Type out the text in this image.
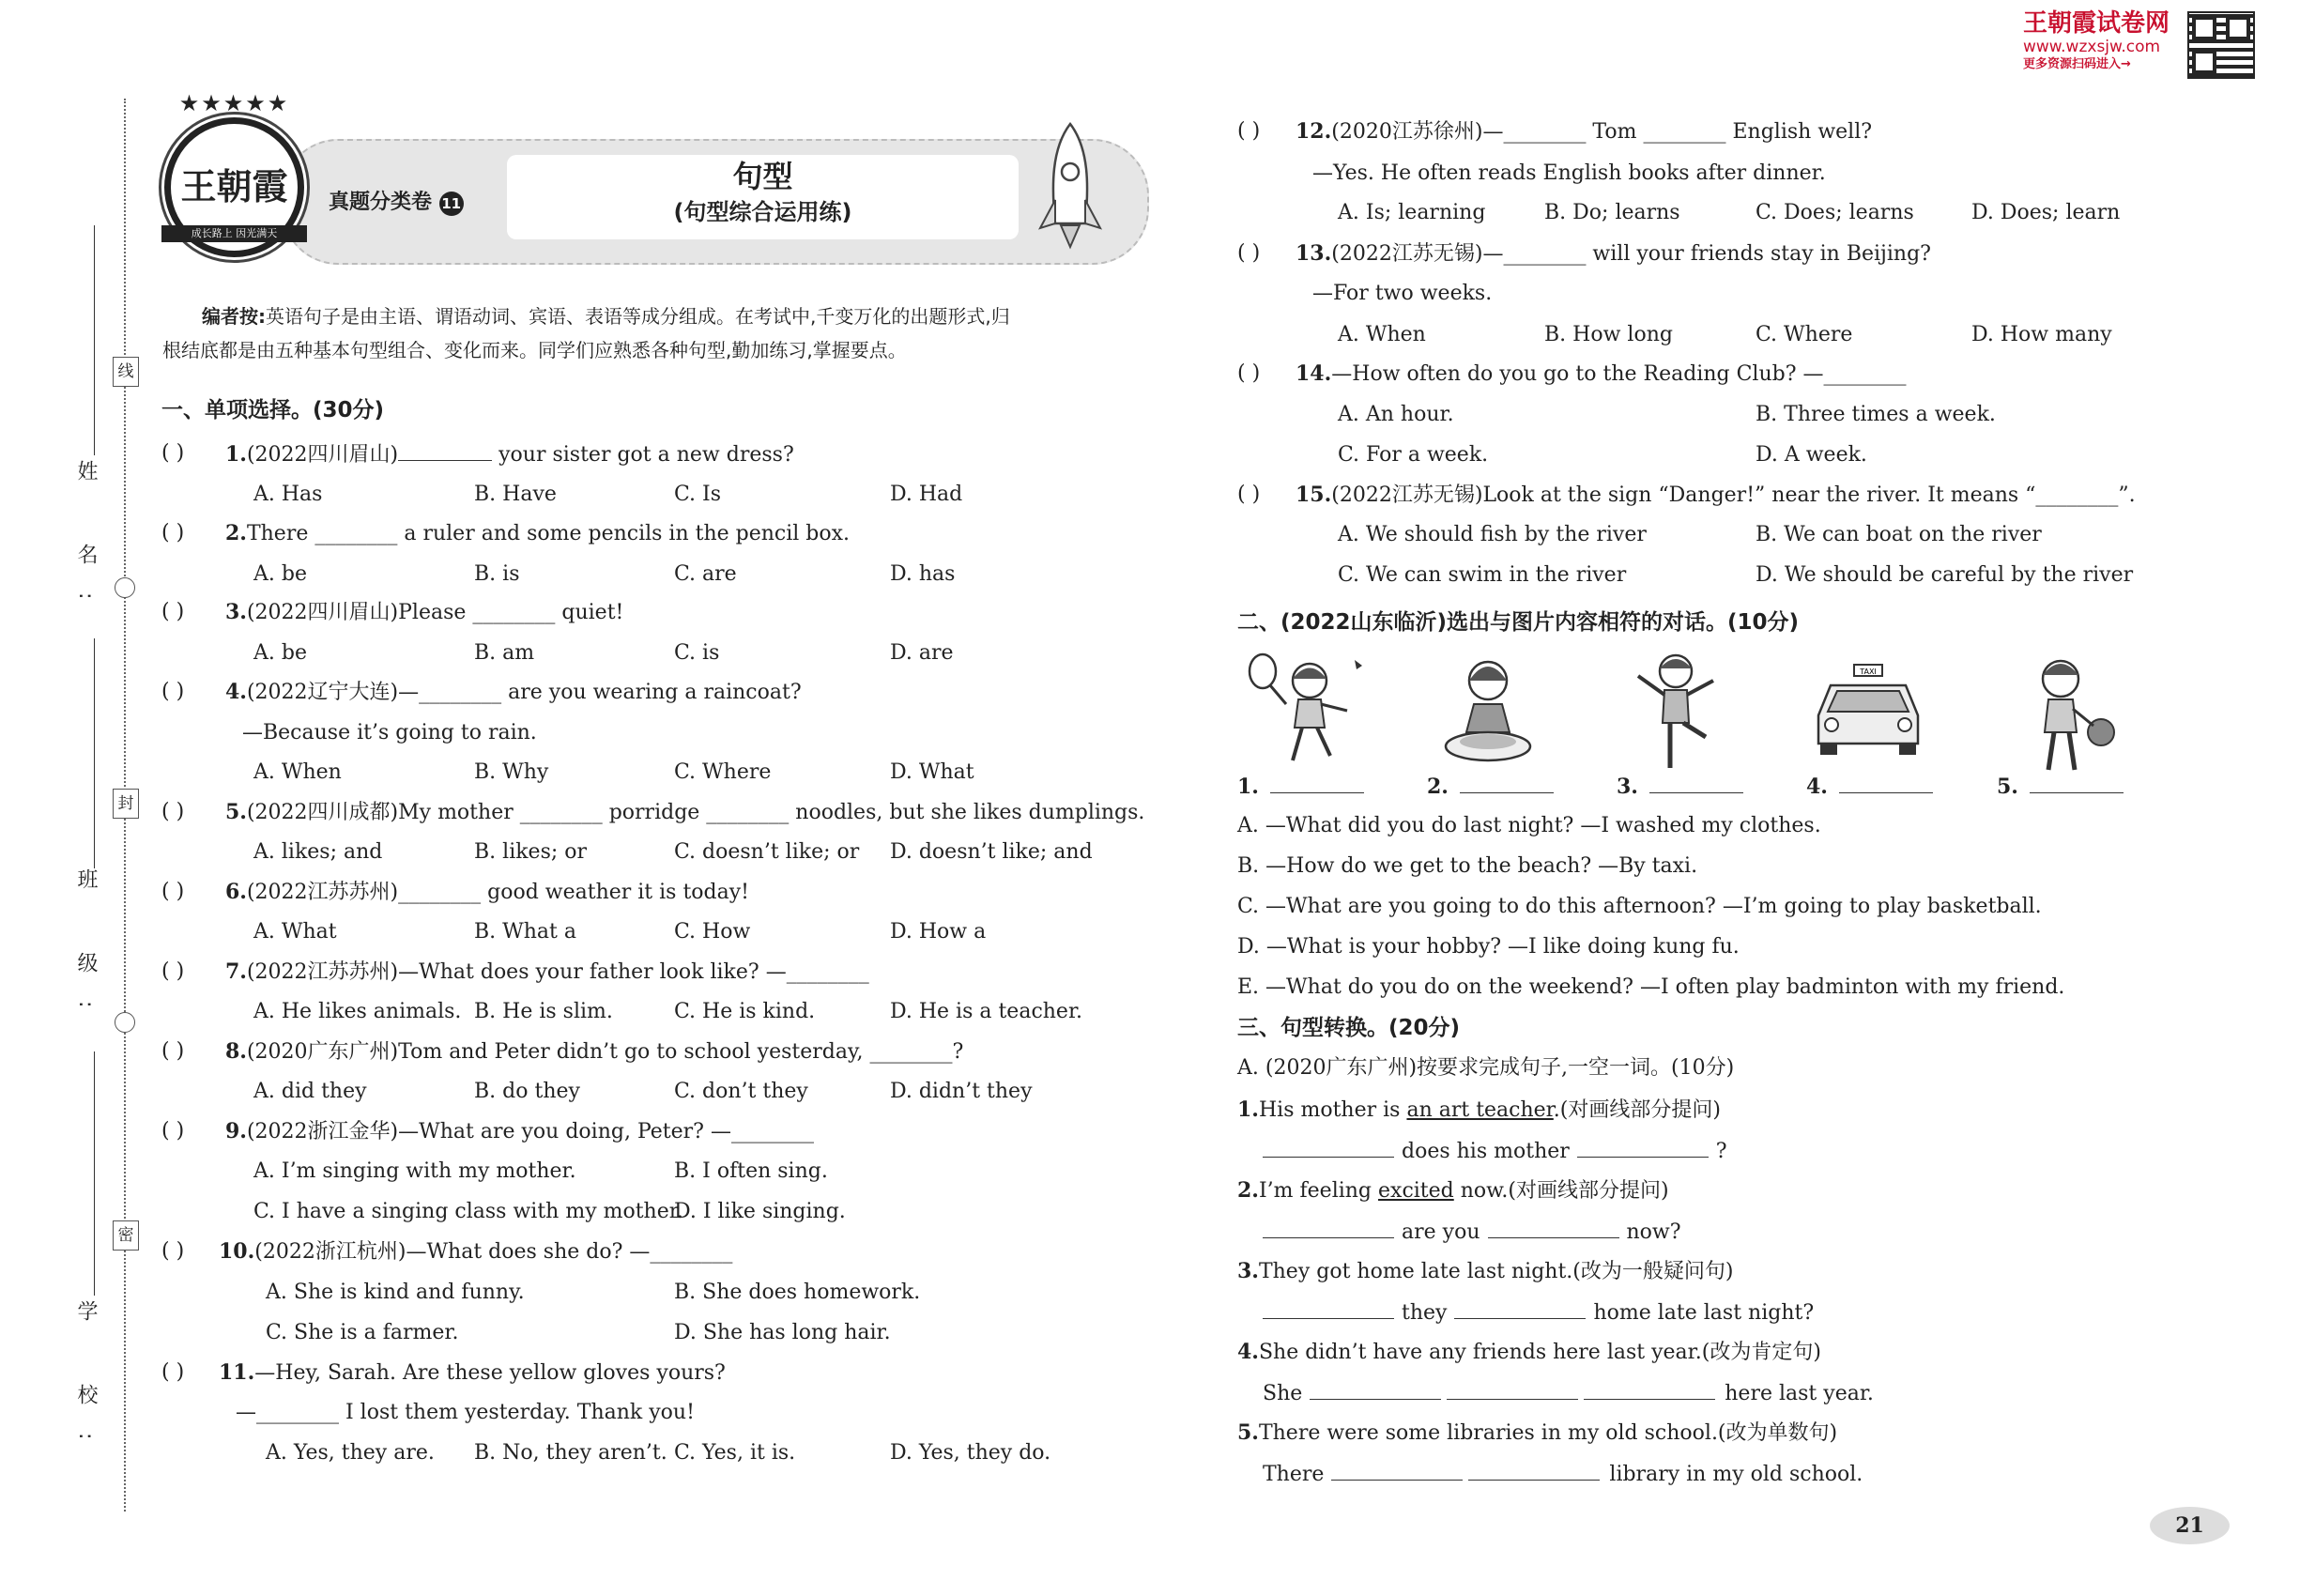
王朝霞试卷网
www.wzxsjw.com
更多资源扫码进入→
姓 名:
班 级:
学 校:
线
封
密
★★★★★
王朝霞
成长路上 因光满天
真题分类卷 11
句型
(句型综合运用练)
编者按:英语句子是由主语、谓语动词、宾语、表语等成分组成。在考试中,千变万化的出题形式,归
根结底都是由五种基本句型组合、变化而来。同学们应熟悉各种句型,勤加练习,掌握要点。
一、单项选择。(30分)
( ) 1.(2022四川眉山)	your sister got a new dress?
A. Has	B. Have	C. Is	D. Had
( ) 2.There ________ a ruler and some pencils in the pencil box.
A. be	B. is	C. are	D. has
( ) 3.(2022四川眉山)Please ________ quiet!
A. be	B. am	C. is	D. are
( ) 4.(2022辽宁大连)—________ are you wearing a raincoat?
—Because it’s going to rain.
A. When	B. Why	C. Where	D. What
( ) 5.(2022四川成都)My mother ________ porridge ________ noodles, but she likes dumplings.
A. likes; and	B. likes; or	C. doesn’t like; or D. doesn’t like; and
( ) 6.(2022江苏苏州)________ good weather it is today!
A. What	B. What a	C. How	D. How a
( ) 7.(2022江苏苏州)—What does your father look like? —________
A. He likes animals. B. He is slim.	C. He is kind.	D. He is a teacher.
( ) 8.(2020广东广州)Tom and Peter didn’t go to school yesterday, ________?
A. did they	B. do they	C. don’t they	D. didn’t they
( ) 9.(2022浙江金华)—What are you doing, Peter? —________
A. I’m singing with my mother.	B. I often sing.
C. I have a singing class with my mother.
D. I like singing.
( ) 10.(2022浙江杭州)—What does she do? —________
A. She is kind and funny.	B. She does homework.
C. She is a farmer.	D. She has long hair.
( ) 11.—Hey, Sarah. Are these yellow gloves yours?
—________ I lost them yesterday. Thank you!
A. Yes, they are. B. No, they aren’t. C. Yes, it is.	D. Yes, they do.
( ) 12.(2020江苏徐州)—________ Tom ________ English well?
—Yes. He often reads English books after dinner.
A. Is; learning	B. Do; learns	C. Does; learns	D. Does; learn
( ) 13.(2022江苏无锡)—________ will your friends stay in Beijing?
—For two weeks.
A. When	B. How long	C. Where	D. How many
( ) 14.—How often do you go to the Reading Club? —________
A. An hour.	B. Three times a week.
C. For a week.	D. A week.
( ) 15.(2022江苏无锡)Look at the sign “Danger!” near the river. It means “________”.
A. We should fish by the river	B. We can boat on the river
C. We can swim in the river	D. We should be careful by the river
二、(2022山东临沂)选出与图片内容相符的对话。(10分)
TAXI
1.	2.	3.	4.	5.
A. —What did you do last night? —I washed my clothes.
B. —How do we get to the beach? —By taxi.
C. —What are you going to do this afternoon? —I’m going to play basketball.
D. —What is your hobby? —I like doing kung fu.
E. —What do you do on the weekend? —I often play badminton with my friend.
三、句型转换。(20分)
A. (2020广东广州)按要求完成句子,一空一词。(10分)
1.His mother is an art teacher.(对画线部分提问)
does his mother	?
2.I’m feeling excited now.(对画线部分提问)
are you	now?
3.They got home late last night.(改为一般疑问句)
they	home late last night?
4.She didn’t have any friends here last year.(改为肯定句)
She	here last year.
5.There were some libraries in my old school.(改为单数句)
There	library in my old school.
21
